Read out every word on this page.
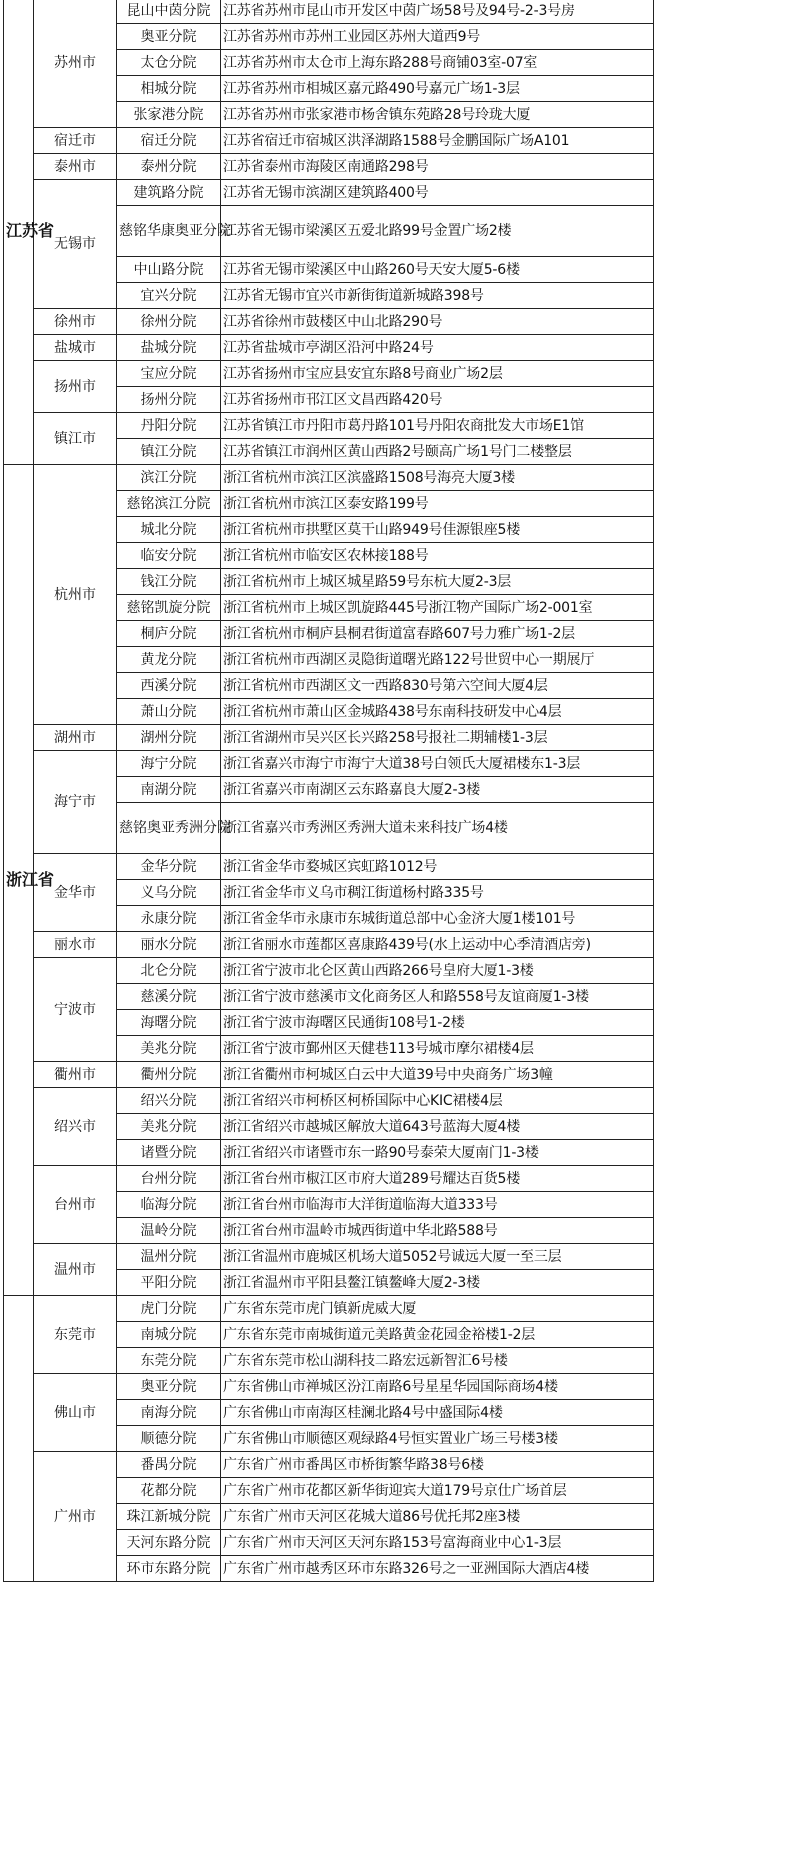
江苏省	苏州市	昆山中茵分院	江苏省苏州市昆山市开发区中茵广场58号及94号-2-3号房
		奥亚分院	江苏省苏州市苏州工业园区苏州大道西9号
		太仓分院	江苏省苏州市太仓市上海东路288号商铺03室-07室
		相城分院	江苏省苏州市相城区嘉元路490号嘉元广场1-3层
		张家港分院	江苏省苏州市张家港市杨舍镇东苑路28号玲珑大厦
	宿迁市	宿迁分院	江苏省宿迁市宿城区洪泽湖路1588号金鹏国际广场A101
	泰州市	泰州分院	江苏省泰州市海陵区南通路298号
	无锡市	建筑路分院	江苏省无锡市滨湖区建筑路400号
		慈铭华康奥亚分院	江苏省无锡市梁溪区五爱北路99号金置广场2楼
		中山路分院	江苏省无锡市梁溪区中山路260号天安大厦5-6楼
		宜兴分院	江苏省无锡市宜兴市新街街道新城路398号
	徐州市	徐州分院	江苏省徐州市鼓楼区中山北路290号
	盐城市	盐城分院	江苏省盐城市亭湖区沿河中路24号
	扬州市	宝应分院	江苏省扬州市宝应县安宜东路8号商业广场2层
		扬州分院	江苏省扬州市邗江区文昌西路420号
	镇江市	丹阳分院	江苏省镇江市丹阳市葛丹路101号丹阳农商批发大市场E1馆
		镇江分院	江苏省镇江市润州区黄山西路2号颐高广场1号门二楼整层
浙江省	杭州市	滨江分院	浙江省杭州市滨江区滨盛路1508号海亮大厦3楼
		慈铭滨江分院	浙江省杭州市滨江区泰安路199号
		城北分院	浙江省杭州市拱墅区莫干山路949号佳源银座5楼
		临安分院	浙江省杭州市临安区农林接188号
		钱江分院	浙江省杭州市上城区城星路59号东杭大厦2-3层
		慈铭凯旋分院	浙江省杭州市上城区凯旋路445号浙江物产国际广场2-001室
		桐庐分院	浙江省杭州市桐庐县桐君街道富春路607号力雅广场1-2层
		黄龙分院	浙江省杭州市西湖区灵隐街道曙光路122号世贸中心一期展厅
		西溪分院	浙江省杭州市西湖区文一西路830号第六空间大厦4层
		萧山分院	浙江省杭州市萧山区金城路438号东南科技研发中心4层
	湖州市	湖州分院	浙江省湖州市吴兴区长兴路258号报社二期辅楼1-3层
	海宁市	海宁分院	浙江省嘉兴市海宁市海宁大道38号白领氏大厦裙楼东1-3层
		南湖分院	浙江省嘉兴市南湖区云东路嘉良大厦2-3楼
		慈铭奥亚秀洲分院	浙江省嘉兴市秀洲区秀洲大道未来科技广场4楼
	金华市	金华分院	浙江省金华市婺城区宾虹路1012号
		义乌分院	浙江省金华市义乌市稠江街道杨村路335号
		永康分院	浙江省金华市永康市东城街道总部中心金济大厦1楼101号
	丽水市	丽水分院	浙江省丽水市莲都区喜康路439号(水上运动中心季清酒店旁)
	宁波市	北仑分院	浙江省宁波市北仑区黄山西路266号皇府大厦1-3楼
		慈溪分院	浙江省宁波市慈溪市文化商务区人和路558号友谊商厦1-3楼
		海曙分院	浙江省宁波市海曙区民通街108号1-2楼
		美兆分院	浙江省宁波市鄞州区天健巷113号城市摩尔裙楼4层
	衢州市	衢州分院	浙江省衢州市柯城区白云中大道39号中央商务广场3幢
	绍兴市	绍兴分院	浙江省绍兴市柯桥区柯桥国际中心KIC裙楼4层
		美兆分院	浙江省绍兴市越城区解放大道643号蓝海大厦4楼
		诸暨分院	浙江省绍兴市诸暨市东一路90号泰荣大厦南门1-3楼
	台州市	台州分院	浙江省台州市椒江区市府大道289号耀达百货5楼
		临海分院	浙江省台州市临海市大洋街道临海大道333号
		温岭分院	浙江省台州市温岭市城西街道中华北路588号
	温州市	温州分院	浙江省温州市鹿城区机场大道5052号诚远大厦一至三层
		平阳分院	浙江省温州市平阳县鳌江镇鳌峰大厦2-3楼
	东莞市	虎门分院	广东省东莞市虎门镇新虎威大厦
		南城分院	广东省东莞市南城街道元美路黄金花园金裕楼1-2层
		东莞分院	广东省东莞市松山湖科技二路宏远新智汇6号楼
	佛山市	奥亚分院	广东省佛山市禅城区汾江南路6号星星华园国际商场4楼
		南海分院	广东省佛山市南海区桂澜北路4号中盛国际4楼
		顺德分院	广东省佛山市顺德区观绿路4号恒实置业广场三号楼3楼
	广州市	番禺分院	广东省广州市番禺区市桥街繁华路38号6楼
		花都分院	广东省广州市花都区新华街迎宾大道179号京仕广场首层
		珠江新城分院	广东省广州市天河区花城大道86号优托邦2座3楼
		天河东路分院	广东省广州市天河区天河东路153号富海商业中心1-3层
		环市东路分院	广东省广州市越秀区环市东路326号之一亚洲国际大酒店4楼
